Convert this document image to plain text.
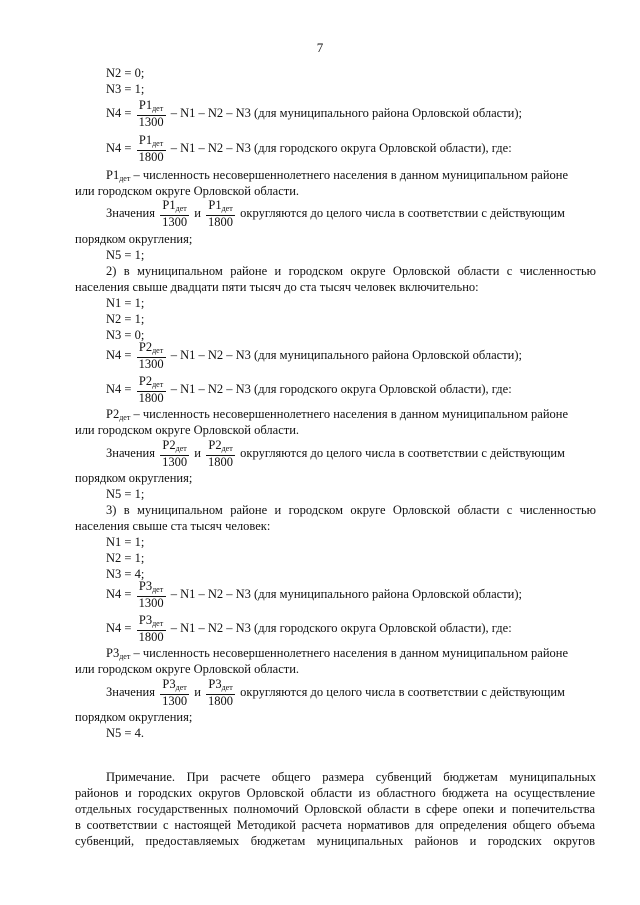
7
N2 = 0;
N3 = 1;
$N4 = \frac{P1_{дет}}{1300} - N1 - N2 - N3$ (для муниципального района Орловской области);
$N4 = \frac{P1_{дет}}{1800} - N1 - N2 - N3$ (для городского округа Орловской области), где:
$P1_{дет}$ – численность несовершеннолетнего населения в данном муниципальном районе
или городском округе Орловской области.
Значения $\frac{P1_{дет}}{1300}$ и $\frac{P1_{дет}}{1800}$ округляются до целого числа в соответствии с действующим
порядком округления;
N5 = 1;
2) в муниципальном районе и городском округе Орловской области с численностью
населения свыше двадцати пяти тысяч до ста тысяч человек включительно:
N1 = 1;
N2 = 1;
N3 = 0;
$N4 = \frac{P2_{дет}}{1300} - N1 - N2 - N3$ (для муниципального района Орловской области);
$N4 = \frac{P2_{дет}}{1800} - N1 - N2 - N3$ (для городского округа Орловской области), где:
$P2_{дет}$ – численность несовершеннолетнего населения в данном муниципальном районе
или городском округе Орловской области.
Значения $\frac{P2_{дет}}{1300}$ и $\frac{P2_{дет}}{1800}$ округляются до целого числа в соответствии с действующим
порядком округления;
N5 = 1;
3) в муниципальном районе и городском округе Орловской области с численностью
населения свыше ста тысяч человек:
N1 = 1;
N2 = 1;
N3 = 4;
$N4 = \frac{P3_{дет}}{1300} - N1 - N2 - N3$ (для муниципального района Орловской области);
$N4 = \frac{P3_{дет}}{1800} - N1 - N2 - N3$ (для городского округа Орловской области), где:
$P3_{дет}$ – численность несовершеннолетнего населения в данном муниципальном районе
или городском округе Орловской области.
Значения $\frac{P3_{дет}}{1300}$ и $\frac{P3_{дет}}{1800}$ округляются до целого числа в соответствии с действующим
порядком округления;
N5 = 4.
Примечание. При расчете общего размера субвенций бюджетам муниципальных
районов и городских округов Орловской области из областного бюджета на осуществление
отдельных государственных полномочий Орловской области в сфере опеки и попечительства
в соответствии с настоящей Методикой расчета нормативов для определения общего объема
субвенций, предоставляемых бюджетам муниципальных районов и городских округов
